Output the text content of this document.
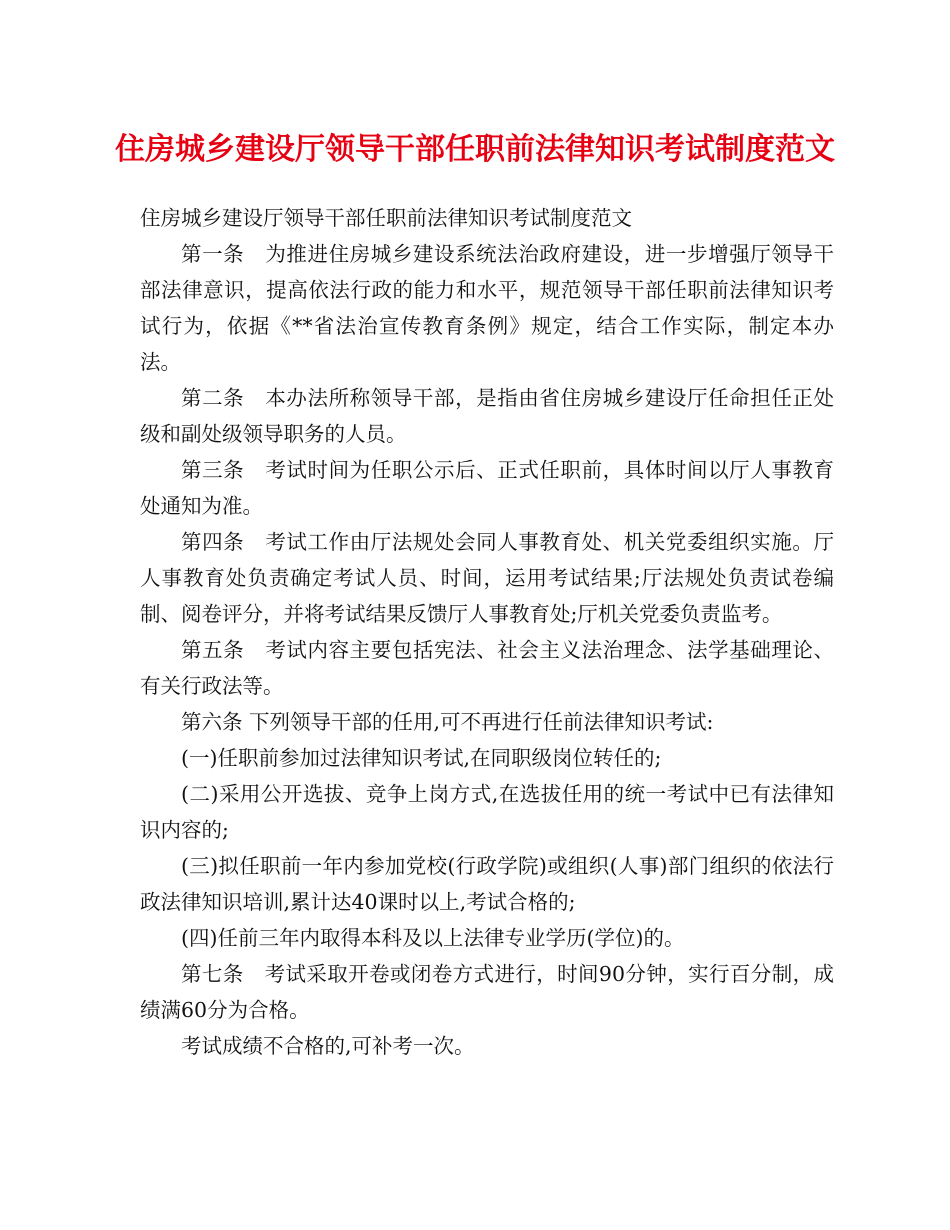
住房城乡建设厅领导干部任职前法律知识考试制度范文

住房城乡建设厅领导干部任职前法律知识考试制度范文

第一条　为推进住房城乡建设系统法治政府建设，进一步增强厅领导干部法律意识，提高依法行政的能力和水平，规范领导干部任职前法律知识考试行为，依据《**省法治宣传教育条例》规定，结合工作实际，制定本办法。

第二条　本办法所称领导干部，是指由省住房城乡建设厅任命担任正处级和副处级领导职务的人员。

第三条　考试时间为任职公示后、正式任职前，具体时间以厅人事教育处通知为准。

第四条　考试工作由厅法规处会同人事教育处、机关党委组织实施。厅人事教育处负责确定考试人员、时间，运用考试结果;厅法规处负责试卷编制、阅卷评分，并将考试结果反馈厅人事教育处;厅机关党委负责监考。

第五条　考试内容主要包括宪法、社会主义法治理念、法学基础理论、有关行政法等。

第六条 下列领导干部的任用,可不再进行任前法律知识考试:

(一)任职前参加过法律知识考试,在同职级岗位转任的;

(二)采用公开选拔、竞争上岗方式,在选拔任用的统一考试中已有法律知识内容的;

(三)拟任职前一年内参加党校(行政学院)或组织(人事)部门组织的依法行政法律知识培训,累计达40课时以上,考试合格的;

(四)任前三年内取得本科及以上法律专业学历(学位)的。

第七条　考试采取开卷或闭卷方式进行，时间90分钟，实行百分制，成绩满60分为合格。

考试成绩不合格的,可补考一次。
